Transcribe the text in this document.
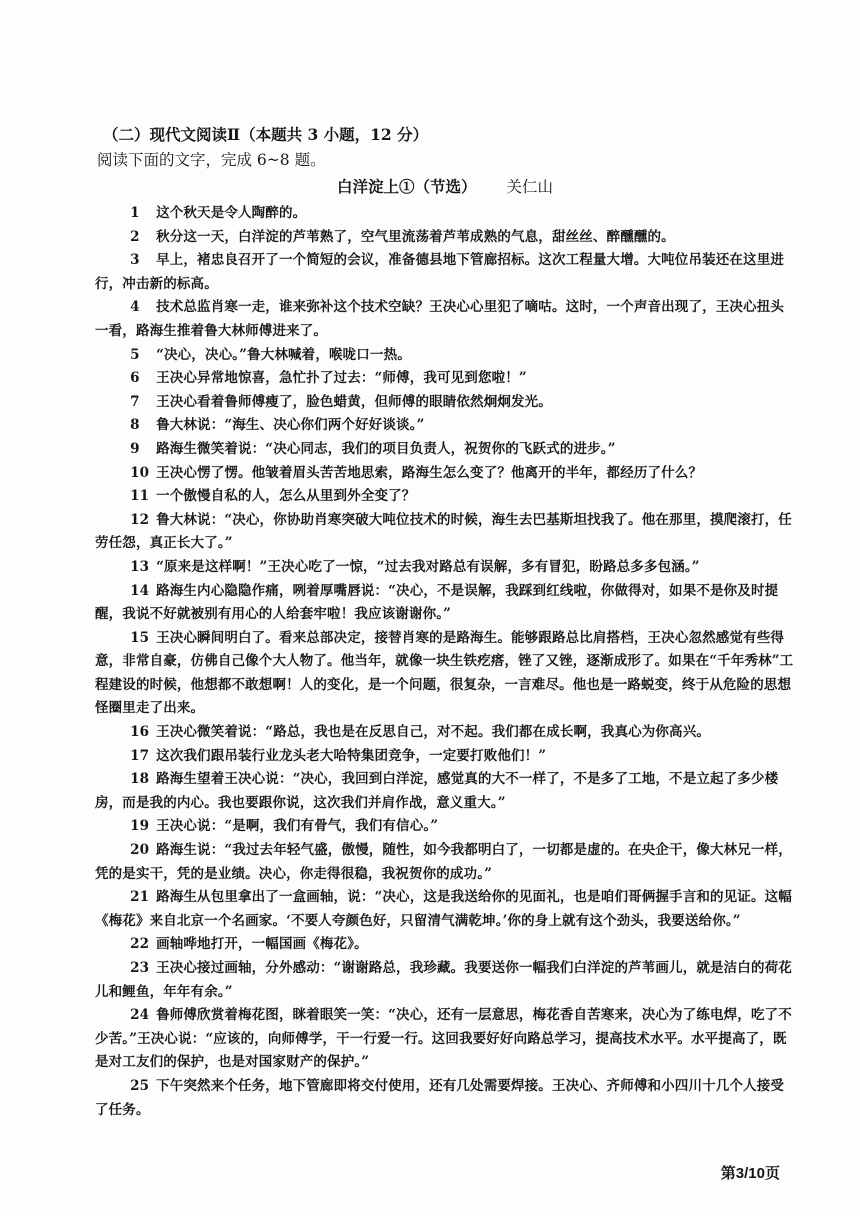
（二）现代文阅读Ⅱ（本题共 3 小题，12 分）
阅读下面的文字，完成 6~8 题。
白洋淀上①（节选） 关仁山

1 这个秋天是令人陶醉的。

2 秋分这一天，白洋淀的芦苇熟了，空气里流荡着芦苇成熟的气息，甜丝丝、醉醺醺的。

3 早上，褚忠良召开了一个简短的会议，准备德县地下管廊招标。这次工程量大增。大吨位吊装还在这里进行，冲击新的标高。

4 技术总监肖寒一走，谁来弥补这个技术空缺？王决心心里犯了嘀咕。这时，一个声音出现了，王决心扭头一看，路海生推着鲁大林师傅进来了。

5 “决心，决心。”鲁大林喊着，喉咙口一热。

6 王决心异常地惊喜，急忙扑了过去：“师傅，我可见到您啦！”

7 王决心看着鲁师傅瘦了，脸色蜡黄，但师傅的眼睛依然炯炯发光。

8 鲁大林说：“海生、决心你们两个好好谈谈。”

9 路海生微笑着说：“决心同志，我们的项目负责人，祝贺你的飞跃式的进步。”

10 王决心愣了愣。他皱着眉头苦苦地思索，路海生怎么变了？他离开的半年，都经历了什么？

11 一个傲慢自私的人，怎么从里到外全变了？

12 鲁大林说：“决心，你协助肖寒突破大吨位技术的时候，海生去巴基斯坦找我了。他在那里，摸爬滚打，任劳任怨，真正长大了。”

13 “原来是这样啊！”王决心吃了一惊，“过去我对路总有误解，多有冒犯，盼路总多多包涵。”

14 路海生内心隐隐作痛，咧着厚嘴唇说：“决心，不是误解，我踩到红线啦，你做得对，如果不是你及时提醒，我说不好就被别有用心的人给套牢啦！我应该谢谢你。”

15 王决心瞬间明白了。看来总部决定，接替肖寒的是路海生。能够跟路总比肩搭档，王决心忽然感觉有些得意，非常自豪，仿佛自己像个大人物了。他当年，就像一块生铁疙瘩，锉了又锉，逐渐成形了。如果在“千年秀林”工程建设的时候，他想都不敢想啊！人的变化，是一个问题，很复杂，一言难尽。他也是一路蜕变，终于从危险的思想怪圈里走了出来。

16 王决心微笑着说：“路总，我也是在反思自己，对不起。我们都在成长啊，我真心为你高兴。

17 这次我们跟吊装行业龙头老大哈特集团竞争，一定要打败他们！”

18 路海生望着王决心说：“决心，我回到白洋淀，感觉真的大不一样了，不是多了工地，不是立起了多少楼房，而是我的内心。我也要跟你说，这次我们并肩作战，意义重大。”

19 王决心说：“是啊，我们有骨气，我们有信心。”

20 路海生说：“我过去年轻气盛，傲慢，随性，如今我都明白了，一切都是虚的。在央企干，像大林兄一样，凭的是实干，凭的是业绩。决心，你走得很稳，我祝贺你的成功。”

21 路海生从包里拿出了一盒画轴，说：“决心，这是我送给你的见面礼，也是咱们哥俩握手言和的见证。这幅《梅花》来自北京一个名画家。‘不要人夸颜色好，只留清气满乾坤。’你的身上就有这个劲头，我要送给你。”

22 画轴哗地打开，一幅国画《梅花》。

23 王决心接过画轴，分外感动：“谢谢路总，我珍藏。我要送你一幅我们白洋淀的芦苇画儿，就是洁白的荷花儿和鲤鱼，年年有余。”

24 鲁师傅欣赏着梅花图，眯着眼笑一笑：“决心，还有一层意思，梅花香自苦寒来，决心为了练电焊，吃了不少苦。”王决心说：“应该的，向师傅学，干一行爱一行。这回我要好好向路总学习，提高技术水平。水平提高了，既是对工友们的保护，也是对国家财产的保护。”

25 下午突然来个任务，地下管廊即将交付使用，还有几处需要焊接。王决心、齐师傅和小四川十几个人接受了任务。

第3/10页
